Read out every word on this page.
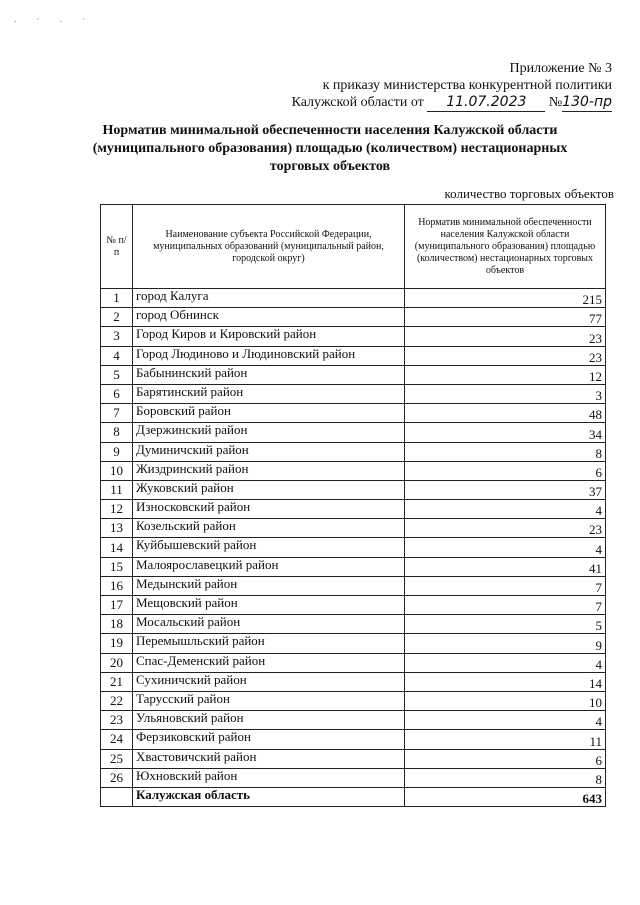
. · . ·
Приложение № 3
к приказу министерства конкурентной политики
Калужской области от 11.07.2023 №130-пр
Норматив минимальной обеспеченности населения Калужской области (муниципального образования) площадью (количеством) нестационарных торговых объектов
количество торговых объектов
№ п/п	Наименование субъекта Российской Федерации, муниципальных образований (муниципальный район, городской округ)	Норматив минимальной обеспеченности населения Калужской области (муниципального образования) площадью (количеством) нестационарных торговых объектов
1	город Калуга	215
2	город Обнинск	77
3	Город Киров и Кировский район	23
4	Город Людиново и Людиновский район	23
5	Бабынинский район	12
6	Барятинский район	3
7	Боровский район	48
8	Дзержинский район	34
9	Думиничский район	8
10	Жиздринский район	6
11	Жуковский район	37
12	Износковский район	4
13	Козельский район	23
14	Куйбышевский район	4
15	Малоярославецкий район	41
16	Медынский район	7
17	Мещовский район	7
18	Мосальский район	5
19	Перемышльский район	9
20	Спас-Деменский район	4
21	Сухиничский район	14
22	Тарусский район	10
23	Ульяновский район	4
24	Ферзиковский район	11
25	Хвастовичский район	6
26	Юхновский район	8
	Калужская область	643
